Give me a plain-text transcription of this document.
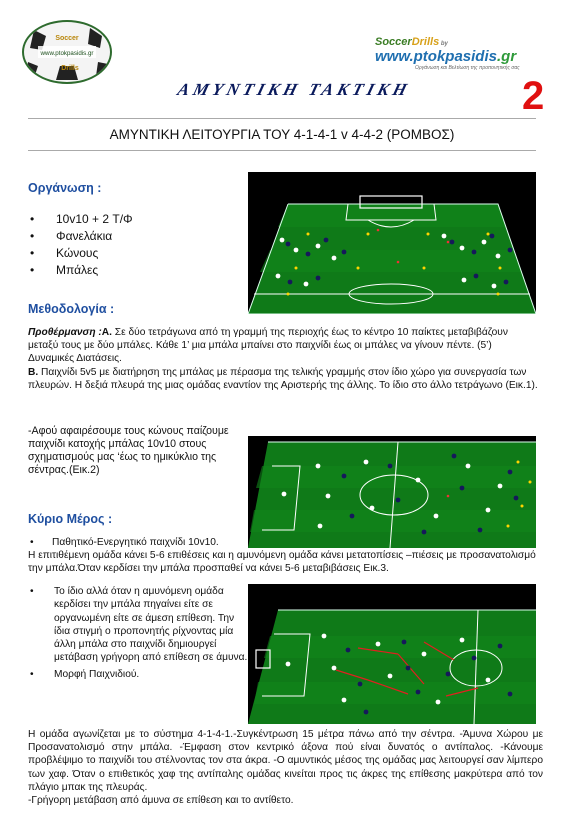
Soccer
www.ptokpasidis.gr
Drills
SoccerDrills by
www.ptokpasidis.gr
Οργάνωση και Βελτίωση της προπονητικής σας
2
ΑΜΥΝΤΙΚΗ ΤΑΚΤΙΚΗ
ΑΜΥΝΤΙΚΗ ΛΕΙΤΟΥΡΓΙΑ ΤΟΥ 4-1-4-1 v 4-4-2 (ΡΟΜΒΟΣ)
Οργάνωση :
• 10v10 + 2 Τ/Φ
• Φανελάκια
• Κώνους
• Μπάλες
Μεθοδολογία :
Προθέρμανση :Α. Σε δύο τετράγωνα από τη γραμμή της περιοχής έως το κέντρο 10 παίκτες μεταβιβάζουν μεταξύ τους με δύο μπάλες. Κάθε 1’ μια μπάλα μπαίνει στο παιχνίδι έως οι μπάλες να γίνουν πέντε. (5’) Δυναμικές Διατάσεις.
Β. Παιχνίδι 5v5 με διατήρηση της μπάλας με πέρασμα της τελικής γραμμής στον ίδιο χώρο για συνεργασία των πλευρών. Η δεξιά πλευρά της μιας ομάδας εναντίον της Αριστερής της άλλης. Το ίδιο στο άλλο τετράγωνο (Εικ.1).
-Αφού αφαιρέσουμε τους κώνους παίζουμε παιχνίδι κατοχής μπάλας 10v10 στους σχηματισμούς μας ‘έως το ημικύκλιο της σέντρας.(Εικ.2)
Κύριο Μέρος :
• Παθητικό-Ενεργητικό παιχνίδι 10v10.
Η επιτιθέμενη ομάδα κάνει 5-6 επιθέσεις και η αμυνόμενη ομάδα κάνει μετατοπίσεις –πιέσεις με προσανατολισμό την μπάλα.Όταν κερδίσει την μπάλα προσπαθεί να κάνει 5-6 μεταβιβάσεις Εικ.3.
• Το ίδιο αλλά όταν η αμυνόμενη ομάδα κερδίσει την μπάλα πηγαίνει είτε σε οργανωμένη είτε σε άμεση επίθεση. Την ίδια στιγμή ο προπονητής ρίχνοντας μία άλλη μπάλα στο παιχνίδι δημιουργεί μετάβαση γρήγορη από επίθεση σε άμυνα.
• Μορφή Παιχνιδιού.
Η ομάδα αγωνίζεται με το σύστημα 4-1-4-1.-Συγκέντρωση 15 μέτρα πάνω από την σέντρα. -Άμυνα Χώρου με Προσανατολισμό στην μπάλα. -Έμφαση στον κεντρικό άξονα πού είναι δυνατός ο αντίπαλος. -Κάνουμε προβλέψιμο το παιχνίδι του στέλνοντας τον στα άκρα. -Ο αμυντικός μέσος της ομάδας μας λειτουργεί σαν λίμπερο των χαφ. Όταν ο επιθετικός χαφ της αντίπαλης ομάδας κινείται προς τις άκρες της επίθεσης μακρύτερα από τον πλάγιο μπακ της πλευράς.
-Γρήγορη μετάβαση από άμυνα σε επίθεση και το αντίθετο.
